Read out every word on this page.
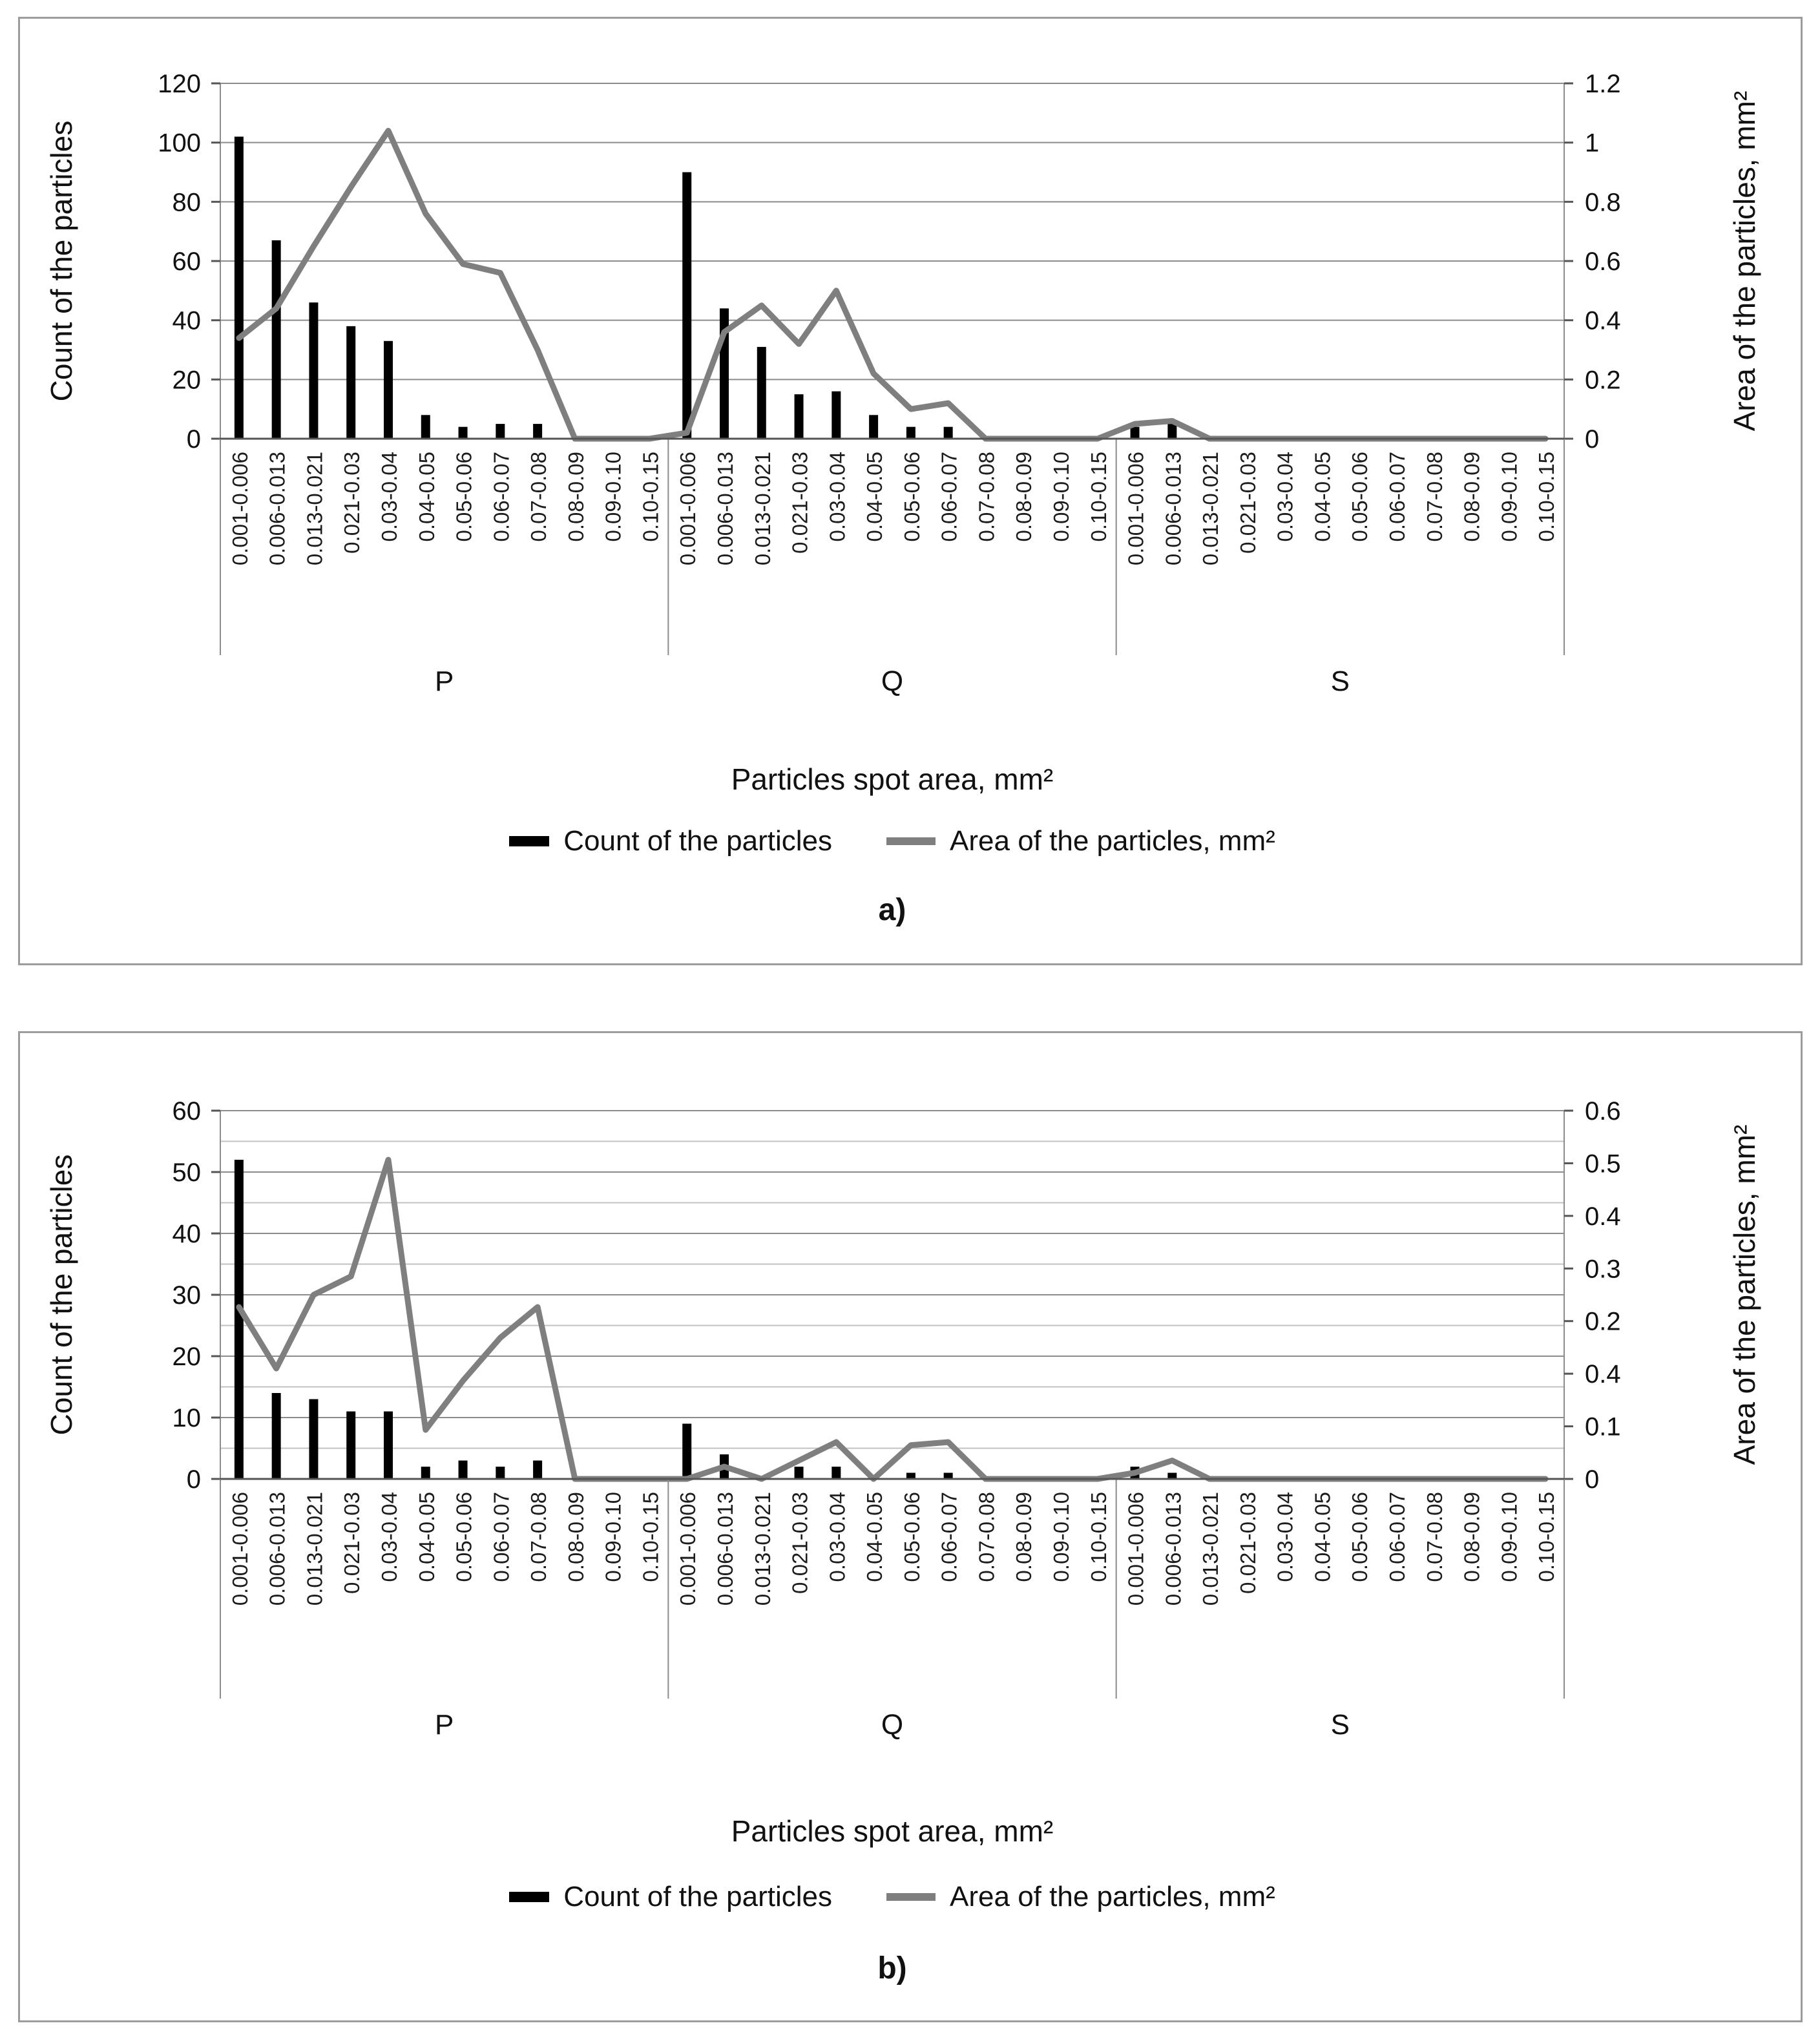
120
100
80
60
40
20
0
1.2
1
0.8
0.6
0.4
0.2
0
0.001-0.006 0.006-0.013 0.013-0.021 0.021-0.03 0.03-0.04 0.04-0.05 0.05-0.06 0.06-0.07 0.07-0.08 0.08-0.09 0.09-0.10 0.10-0.15 0.001-0.006 0.006-0.013 0.013-0.021 0.021-0.03 0.03-0.04 0.04-0.05 0.05-0.06 0.06-0.07 0.07-0.08 0.08-0.09 0.09-0.10 0.10-0.15 0.001-0.006 0.006-0.013 0.013-0.021 0.021-0.03 0.03-0.04 0.04-0.05 0.05-0.06 0.06-0.07 0.07-0.08 0.08-0.09 0.09-0.10 0.10-0.15
P	Q	S
Count of the particles	Area of the particles, mm²
Particles spot area, mm²
Count of the particles	Area of the particles, mm²
a)
60
50
40
30
20
10
0
0.6
0.5
0.4
0.3
0.2
0.4
0.1
0
0.001-0.006 0.006-0.013 0.013-0.021 0.021-0.03 0.03-0.04 0.04-0.05 0.05-0.06 0.06-0.07 0.07-0.08 0.08-0.09 0.09-0.10 0.10-0.15 0.001-0.006 0.006-0.013 0.013-0.021 0.021-0.03 0.03-0.04 0.04-0.05 0.05-0.06 0.06-0.07 0.07-0.08 0.08-0.09 0.09-0.10 0.10-0.15 0.001-0.006 0.006-0.013 0.013-0.021 0.021-0.03 0.03-0.04 0.04-0.05 0.05-0.06 0.06-0.07 0.07-0.08 0.08-0.09 0.09-0.10 0.10-0.15
P	Q	S
Count of the particles	Area of the particles, mm²
Particles spot area, mm²
Count of the particles	Area of the particles, mm²
b)
